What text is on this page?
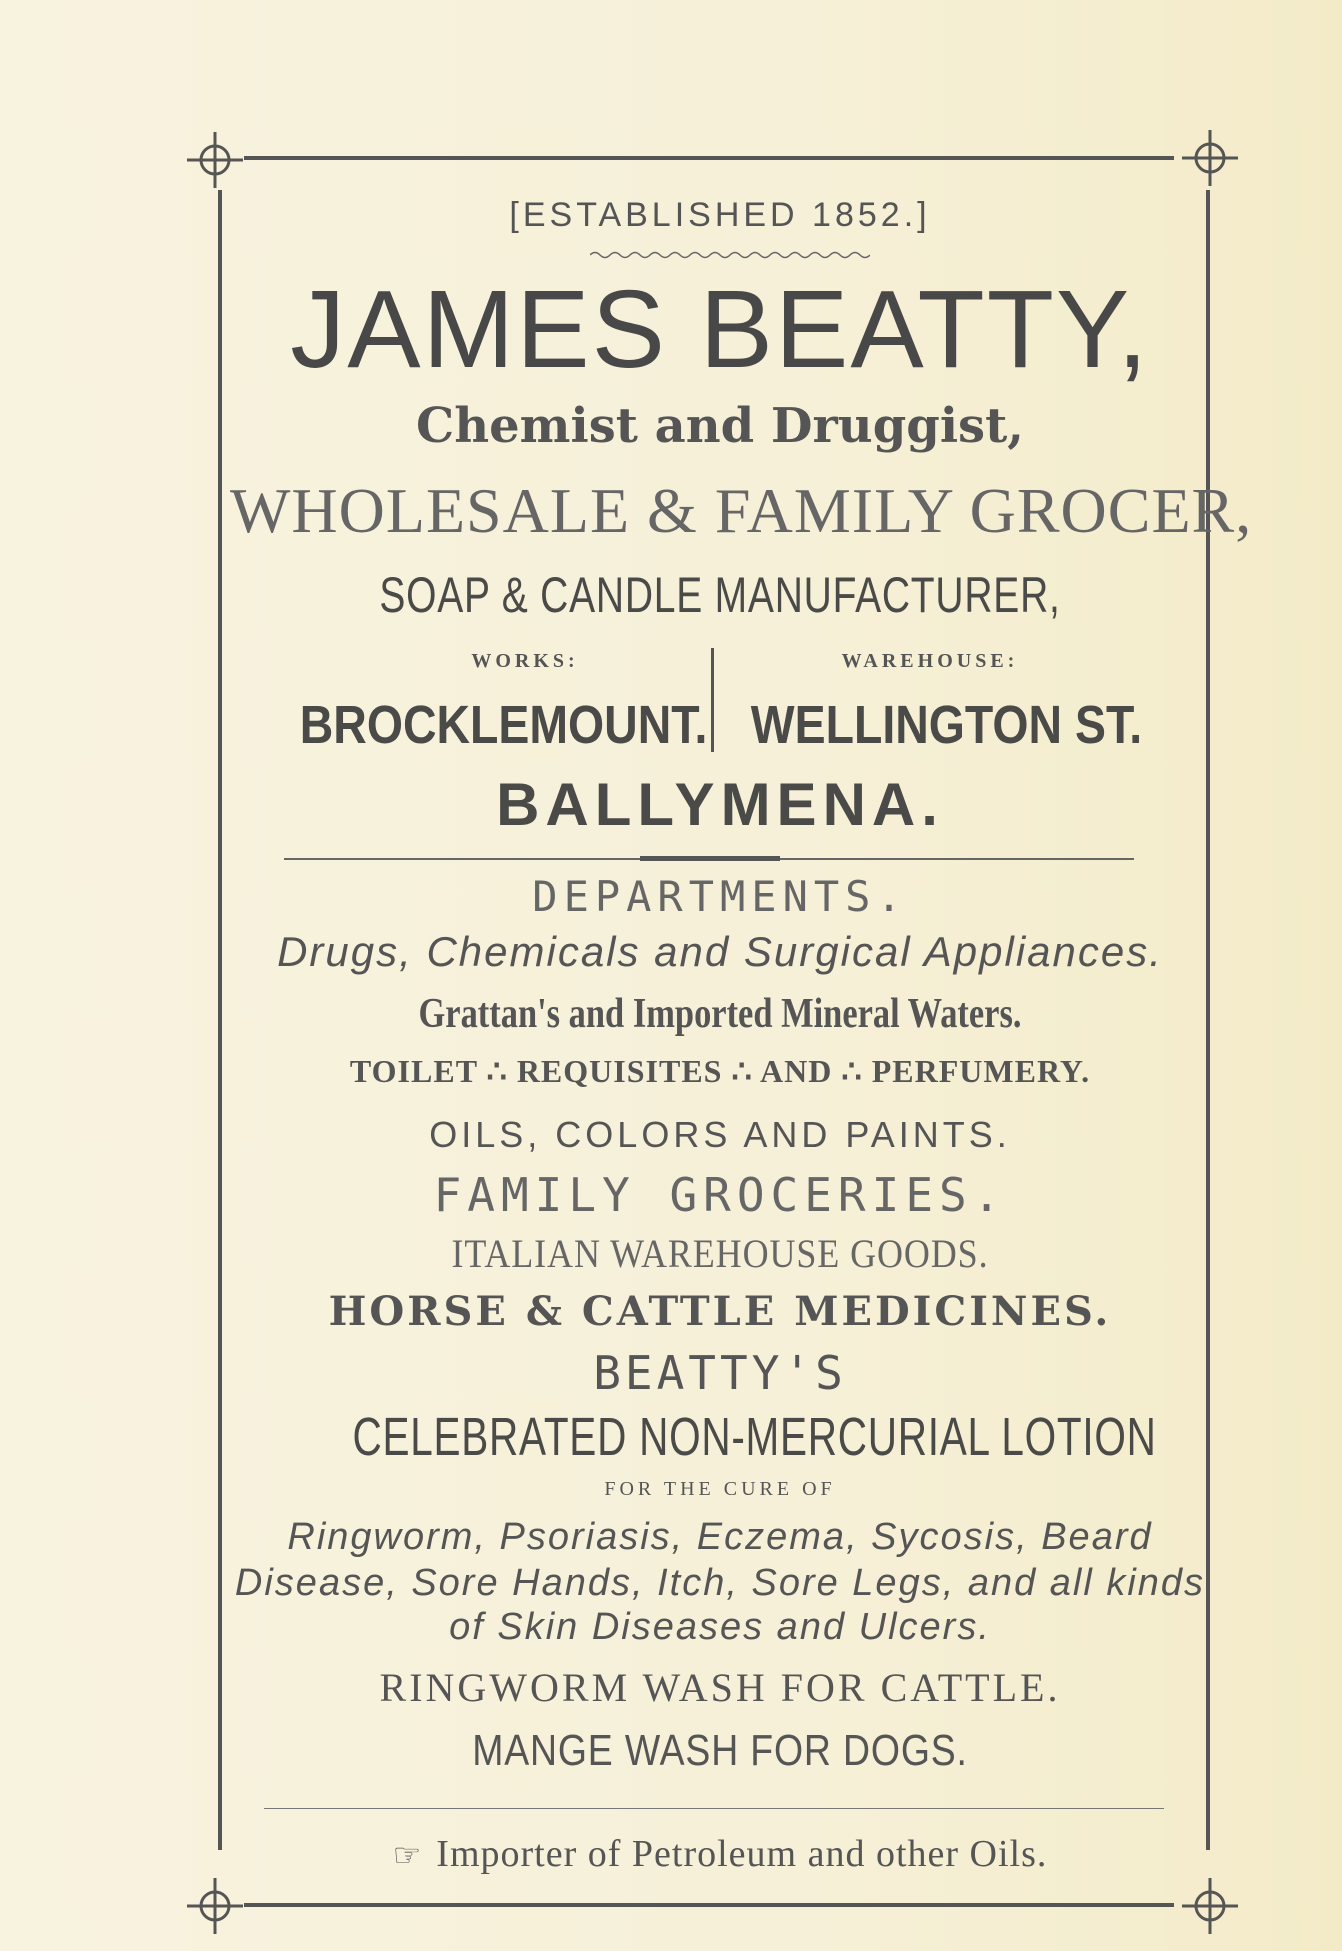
[ESTABLISHED 1852.]
JAMES BEATTY,
Chemist and Druggist,
WHOLESALE & FAMILY GROCER,
SOAP & CANDLE MANUFACTURER,
WORKS:	WAREHOUSE:
BROCKLEMOUNT. WELLINGTON ST.
BALLYMENA.
DEPARTMENTS.
Drugs, Chemicals and Surgical Appliances.
Grattan's and Imported Mineral Waters.
TOILET ∴ REQUISITES ∴ AND ∴ PERFUMERY.
OILS, COLORS AND PAINTS.
FAMILY GROCERIES.
ITALIAN WAREHOUSE GOODS.
HORSE & CATTLE MEDICINES.
BEATTY'S
CELEBRATED NON-MERCURIAL LOTION
FOR THE CURE OF
Ringworm, Psoriasis, Eczema, Sycosis, Beard
Disease, Sore Hands, Itch, Sore Legs, and all kinds
of Skin Diseases and Ulcers.
RINGWORM WASH FOR CATTLE.
MANGE WASH FOR DOGS.
☞ Importer of Petroleum and other Oils.
